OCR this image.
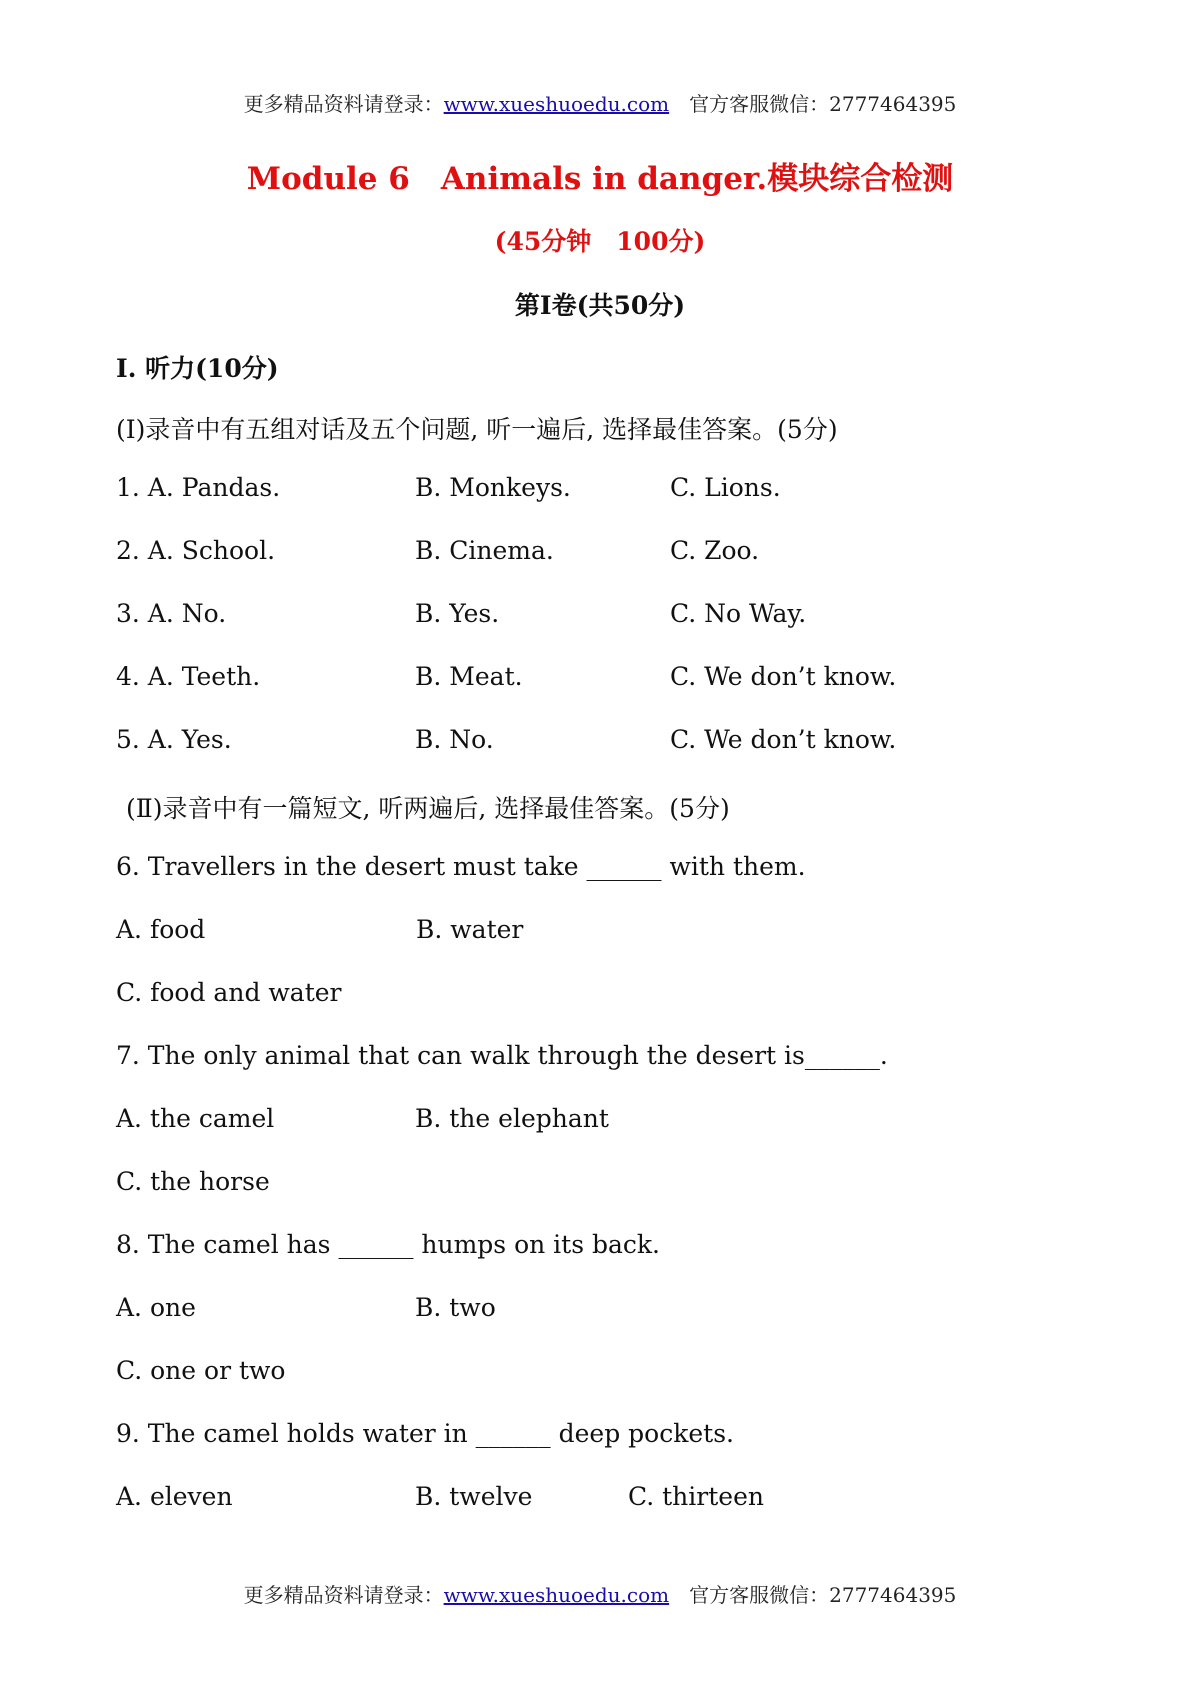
更多精品资料请登录：www.xueshuoedu.com 官方客服微信：2777464395
Module 6　Animals in danger.模块综合检测
(45分钟　100分)
第Ⅰ卷(共50分)
Ⅰ. 听力(10分)
(Ⅰ)录音中有五组对话及五个问题, 听一遍后, 选择最佳答案。(5分)
1. A. Pandas.	B. Monkeys.	C. Lions.
2. A. School.	B. Cinema.	C. Zoo.
3. A. No.	B. Yes.	C. No Way.
4. A. Teeth.	B. Meat.	C. We don’t know.
5. A. Yes.	B. No.	C. We don’t know.
(Ⅱ)录音中有一篇短文, 听两遍后, 选择最佳答案。(5分)
6. Travellers in the desert must take ______ with them.
A. food	B. water
C. food and water
7. The only animal that can walk through the desert is______.
A. the camel	B. the elephant
C. the horse
8. The camel has ______ humps on its back.
A. one	B. two
C. one or two
9. The camel holds water in ______ deep pockets.
A. eleven	B. twelve	C. thirteen
更多精品资料请登录：www.xueshuoedu.com 官方客服微信：2777464395
